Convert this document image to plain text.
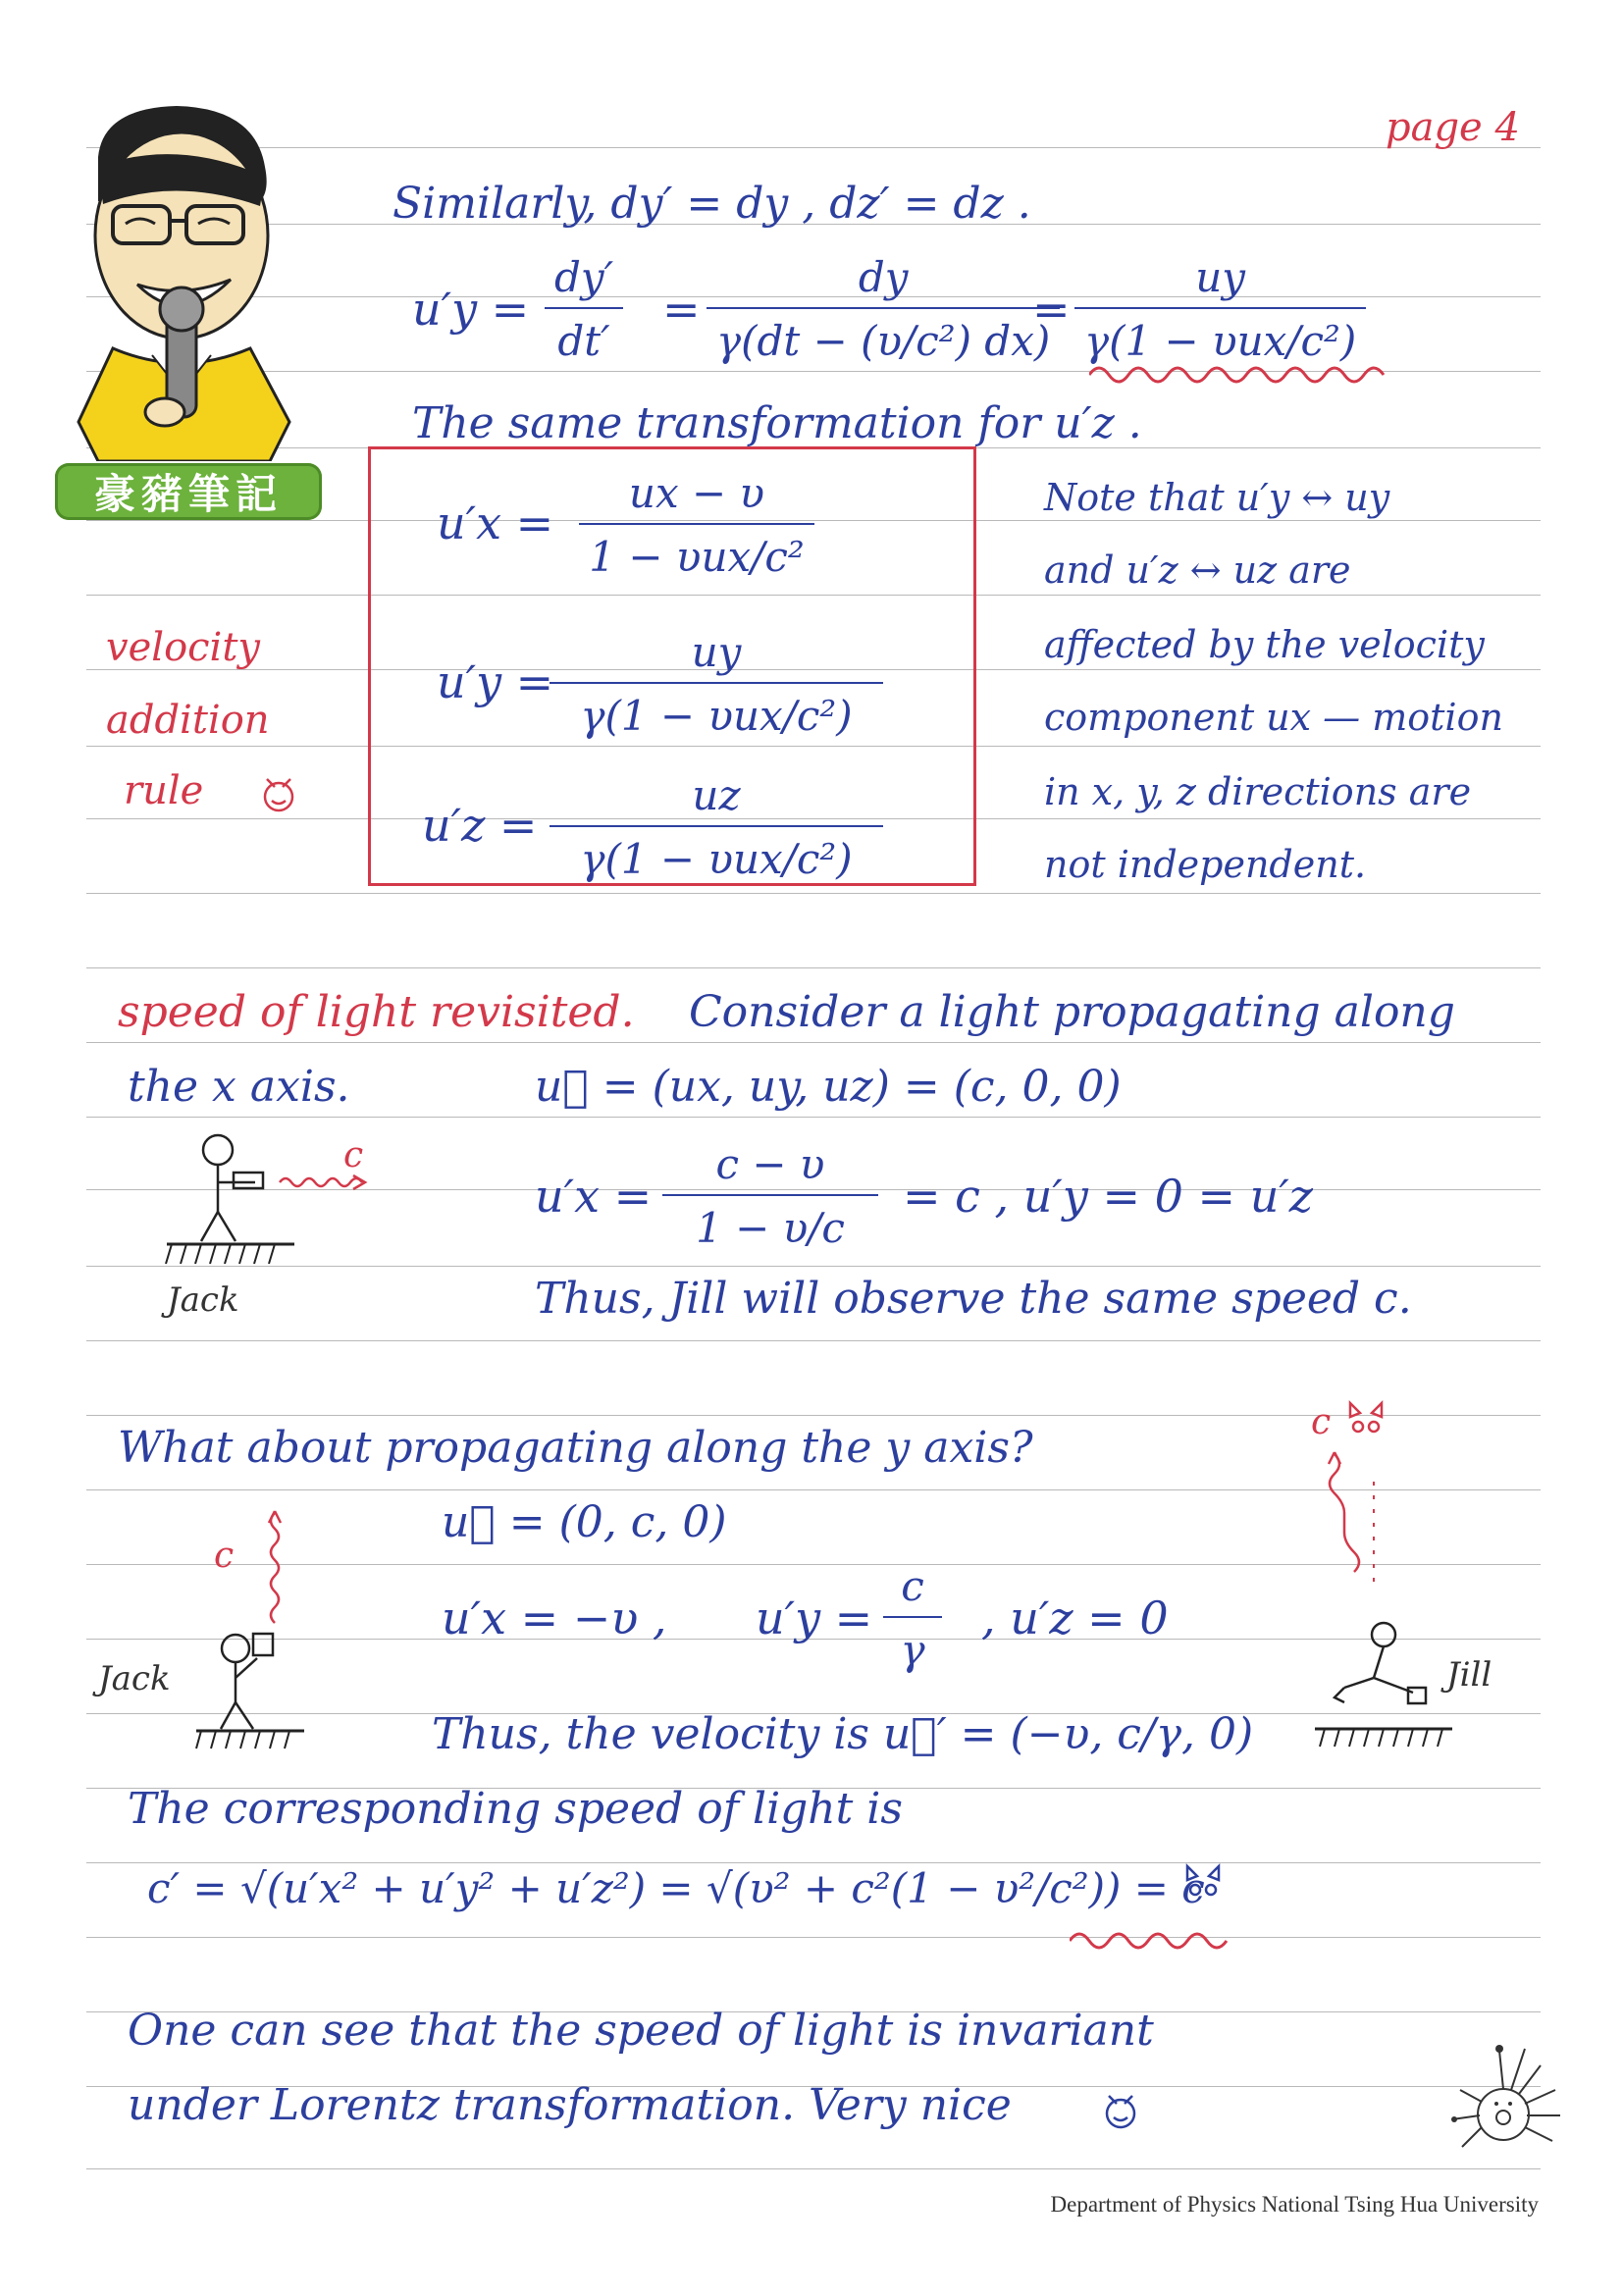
page 4
豪豬筆記
Similarly, dy′ = dy , dz′ = dz .
u′y =
dy′
dt′
=
dy
γ(dt − (υ/c²) dx)
=
uy
γ(1 − υux/c²)
The same transformation for u′z .
velocity
addition
rule
u′x =
ux − υ
1 − υux/c²
u′y =
uy
γ(1 − υux/c²)
u′z =
uz
γ(1 − υux/c²)
Note that u′y ↔ uy
and u′z ↔ uz are
affected by the velocity
component ux — motion
in x, y, z directions are
not independent.
speed of light revisited. Consider a light propagating along
the x axis.	u⃗ = (ux, uy, uz) = (c, 0, 0)
c
Jack
u′x =
c − υ
1 − υ/c
= c , u′y = 0 = u′z
Thus, Jill will observe the same speed c.
What about propagating along the y axis?
u⃗ = (0, c, 0)
u′x = −υ , u′y =
c
γ
, u′z = 0
c
Jack
c
Jill
Thus, the velocity is u⃗′ = (−υ, c/γ, 0)
The corresponding speed of light is
c′ = √(u′x² + u′y² + u′z²) = √(υ² + c²(1 − υ²/c²)) = c
One can see that the speed of light is invariant
under Lorentz transformation. Very nice
Department of Physics National Tsing Hua University
